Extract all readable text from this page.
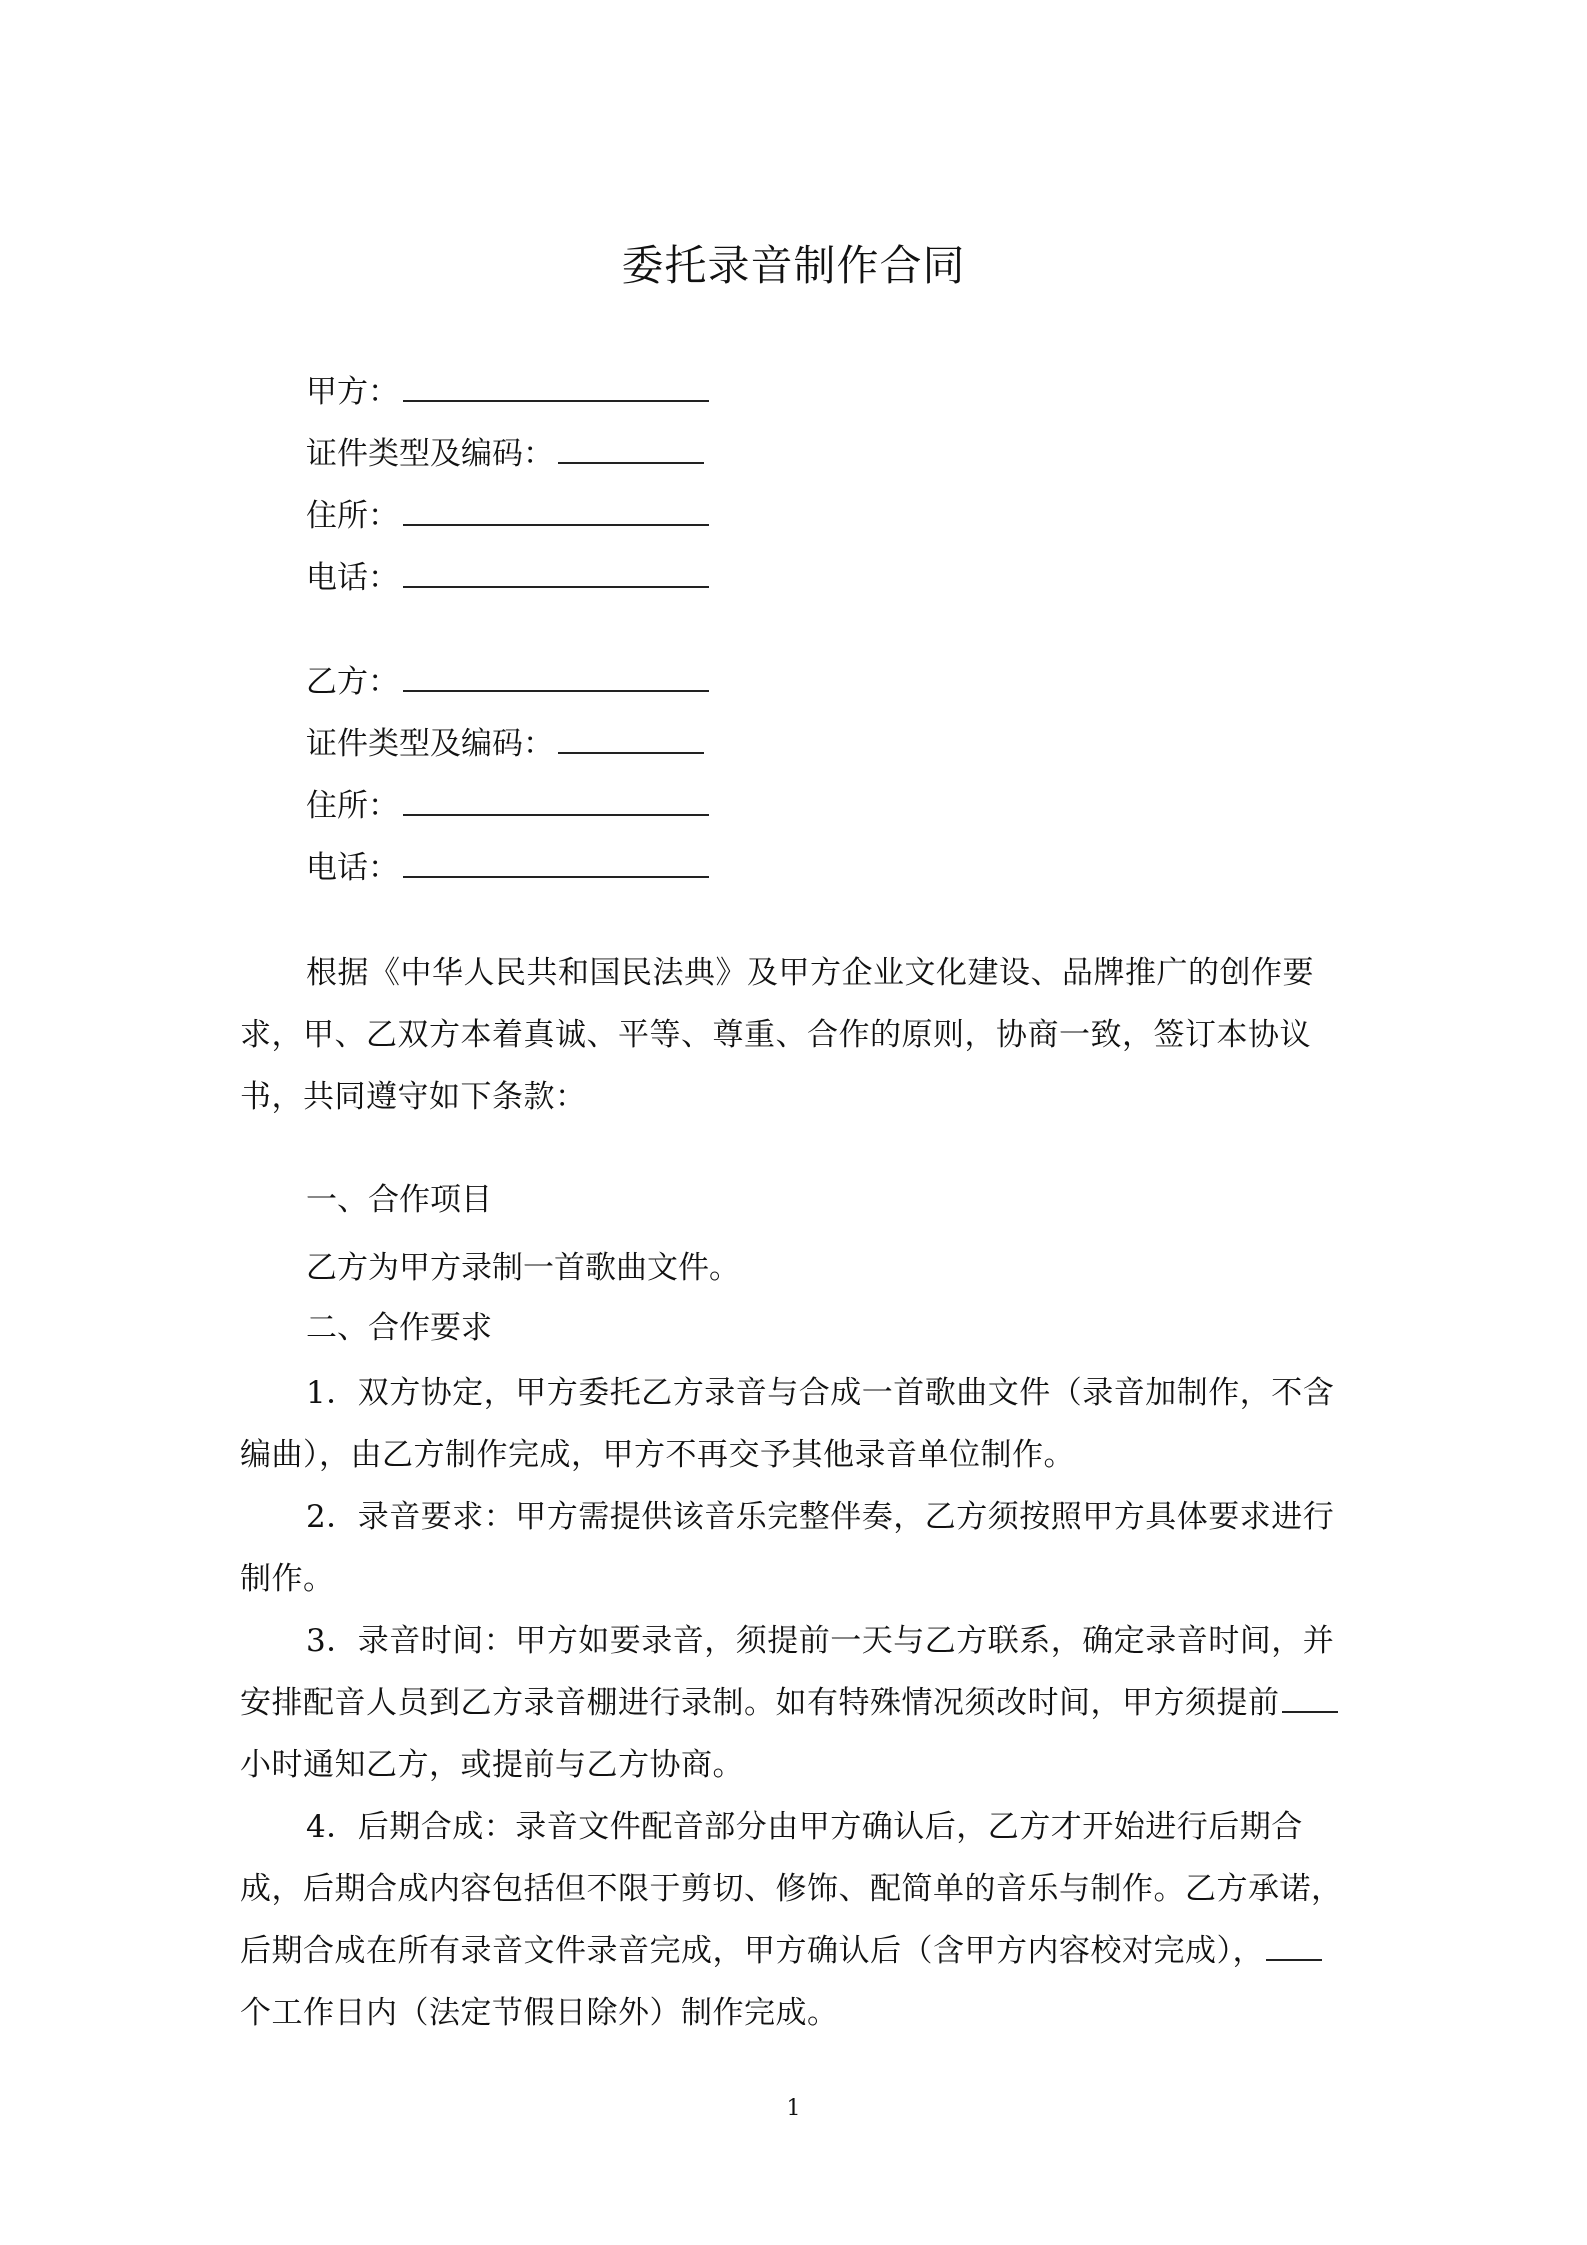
委托录音制作合同
甲方：
证件类型及编码：
住所：
电话：
乙方：
证件类型及编码：
住所：
电话：
根据《中华人民共和国民法典》及甲方企业文化建设、品牌推广的创作要求，甲、乙双方本着真诚、平等、尊重、合作的原则，协商一致，签订本协议书，共同遵守如下条款：
一、合作项目
乙方为甲方录制一首歌曲文件。
二、合作要求
1．双方协定，甲方委托乙方录音与合成一首歌曲文件（录音加制作，不含编曲），由乙方制作完成，甲方不再交予其他录音单位制作。
2．录音要求：甲方需提供该音乐完整伴奏，乙方须按照甲方具体要求进行制作。
3．录音时间：甲方如要录音，须提前一天与乙方联系，确定录音时间，并安排配音人员到乙方录音棚进行录制。如有特殊情况须改时间，甲方须提前小时通知乙方，或提前与乙方协商。
4．后期合成：录音文件配音部分由甲方确认后，乙方才开始进行后期合成，后期合成内容包括但不限于剪切、修饰、配简单的音乐与制作。乙方承诺，后期合成在所有录音文件录音完成，甲方确认后（含甲方内容校对完成），个工作日内（法定节假日除外）制作完成。
1
